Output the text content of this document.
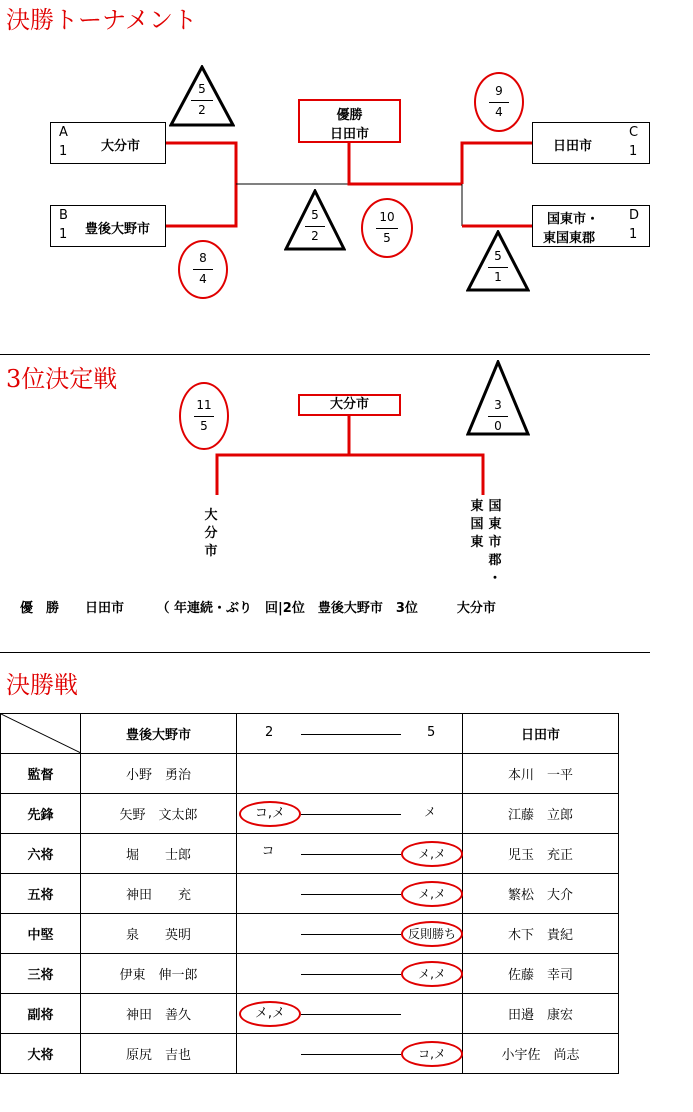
決勝トーナメント
A
1	大分市
B
1 豊後大野市
日田市
C
1
国東市・
東国東郡
D
1
優勝
日田市
5
2
8
4
5
2
10
5
9
4
5
1
3位決定戦
大分市
11
5
3
0
大
分
市
東
国
東
国
東
市
郡
・
優　勝　　日田市　　　（ 年連続・ぶり　回|2位　豊後大野市　3位　　　大分市
決勝戦
	豊後大野市	2 5	日田市
監督	小野　勇治		本川　一平
先鋒	矢野　文太郎	コ,メ メ	江藤　立郎
六将	堀　　士郎	コ メ,メ	児玉　充正
五将	神田　　充	メ,メ	繁松　大介
中堅	泉　　英明	反則勝ち	木下　貴紀
三将	伊東　伸一郎	メ,メ	佐藤　幸司
副将	神田　善久	メ,メ	田邉　康宏
大将	原尻　吉也	コ,メ	小宇佐　尚志
